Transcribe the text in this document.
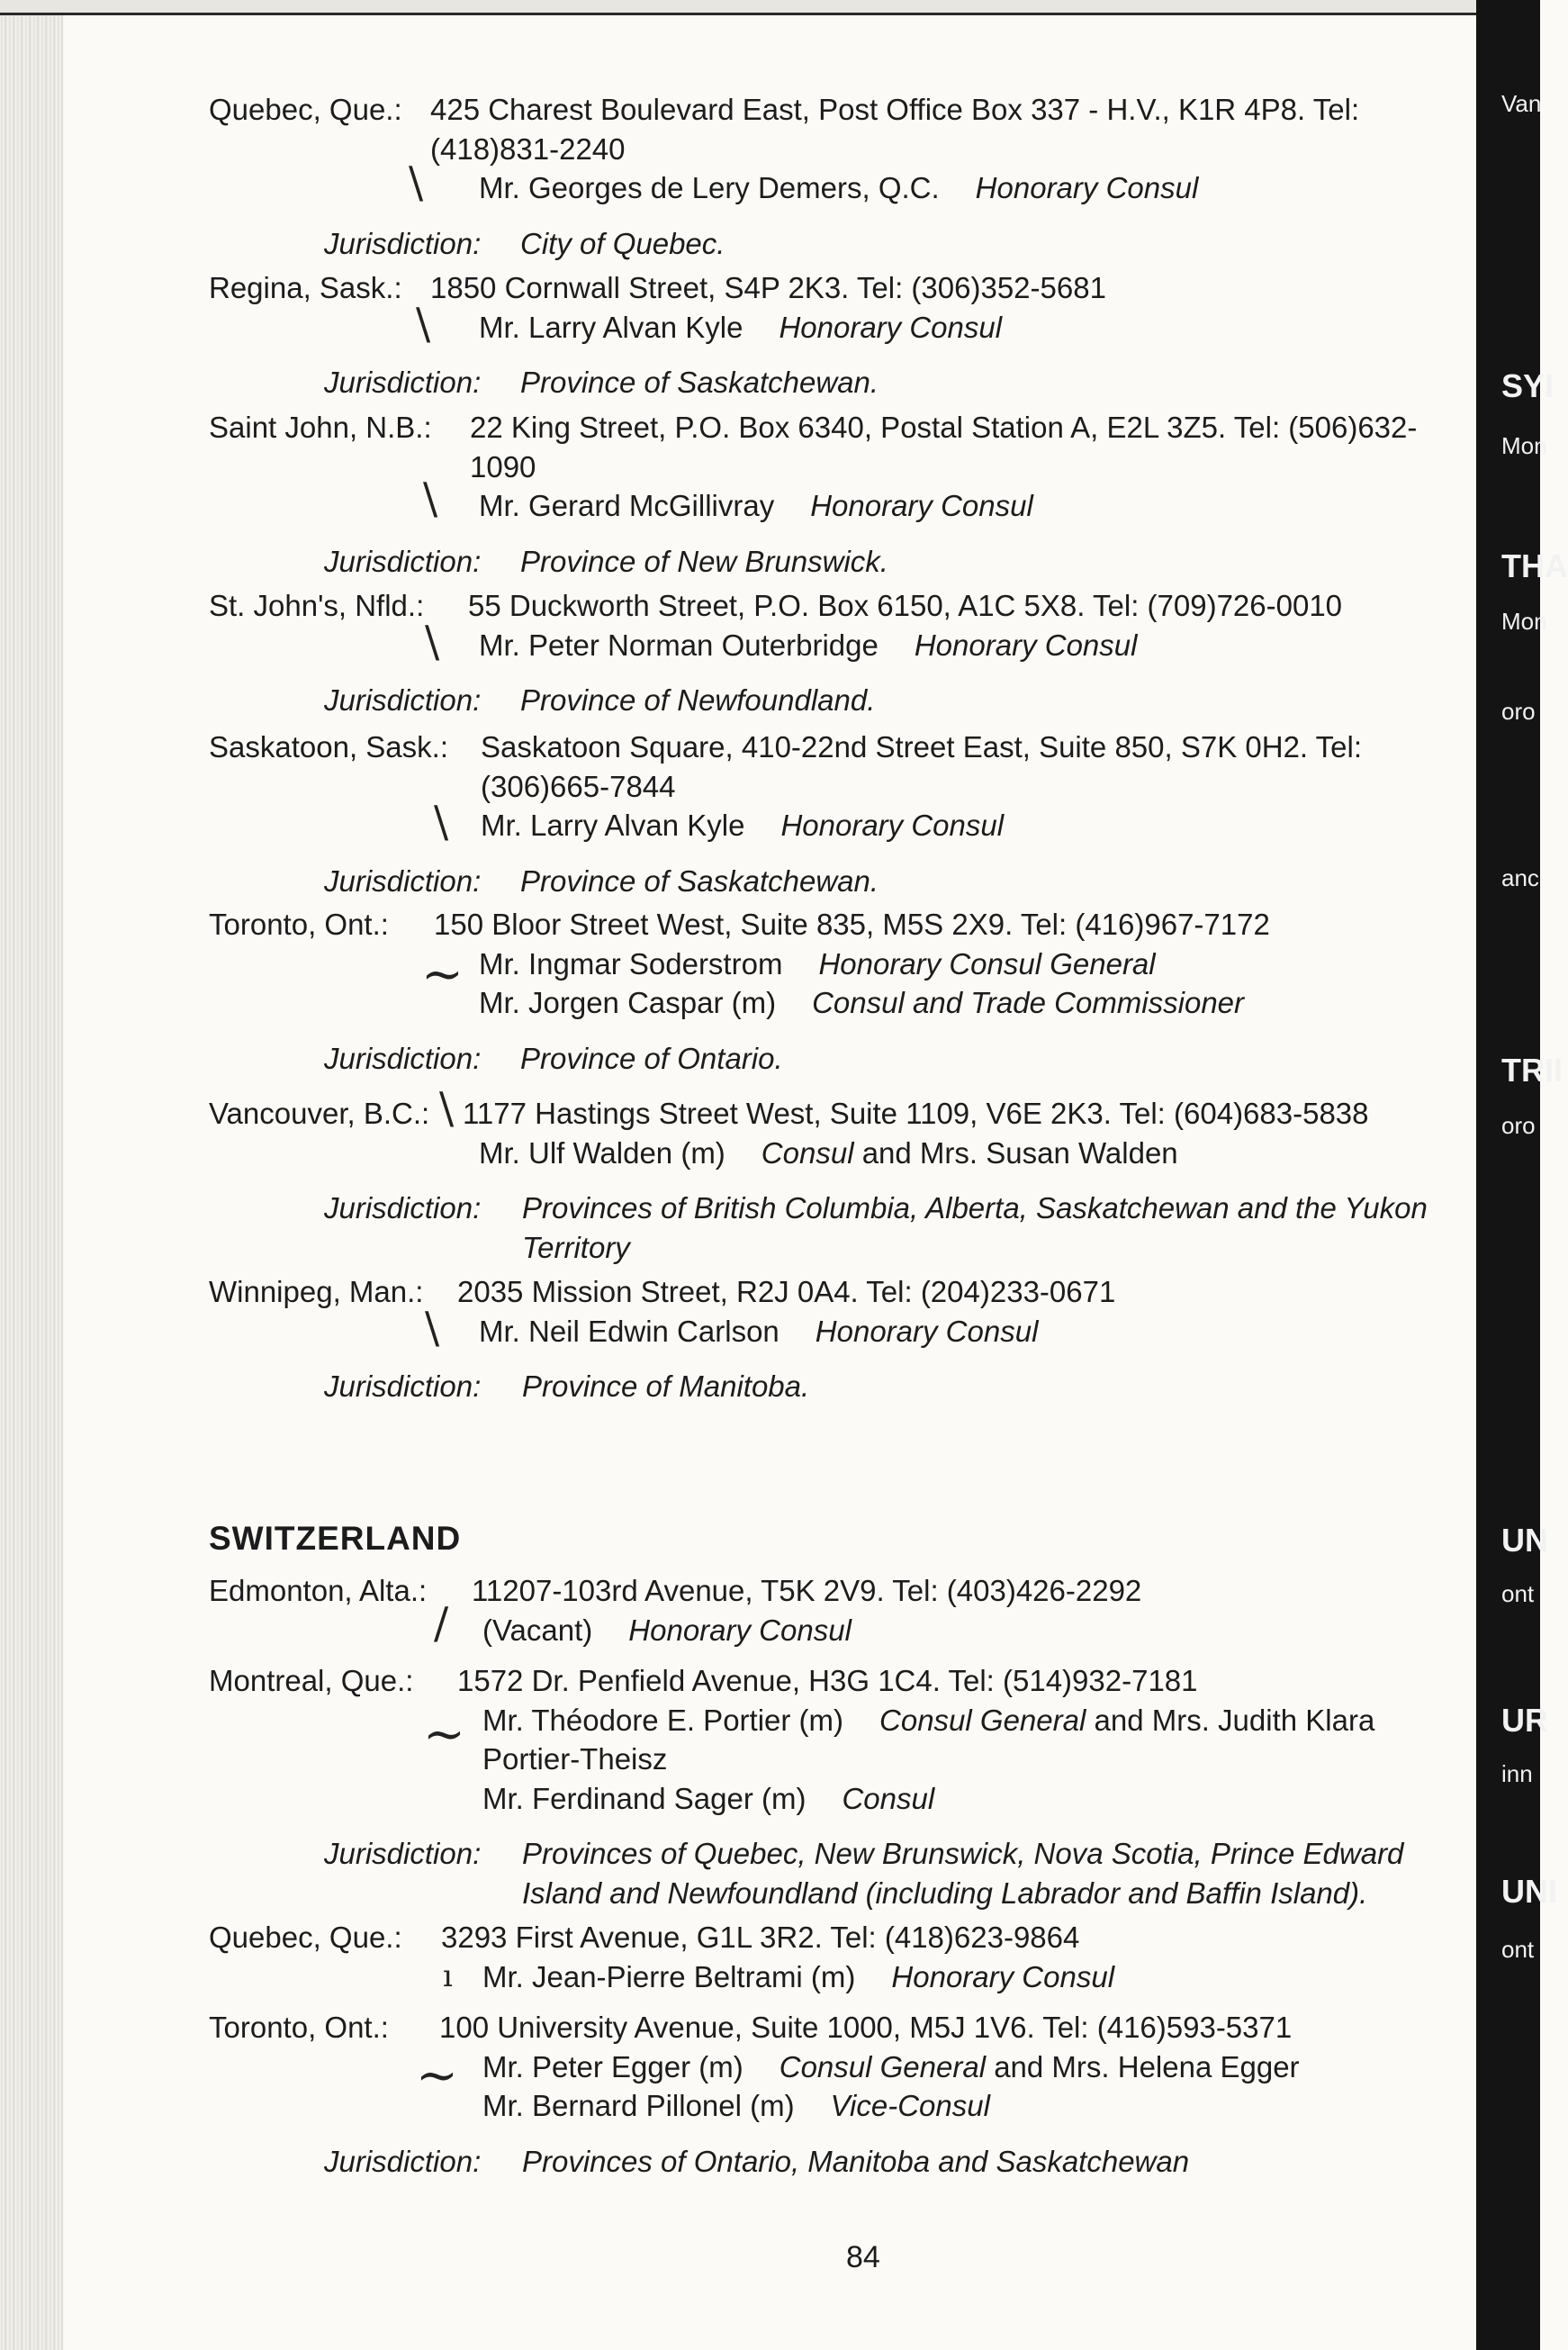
Van
SYI
Mon
THA
Mon
oro
anc
TRII
oro
UN
ont
UR
inn
UNI
ont
Quebec, Que.: 425 Charest Boulevard East, Post Office Box 337 - H.V., K1R 4P8. Tel: (418)831-2240
\ Mr. Georges de Lery Demers, Q.C. Honorary Consul
Jurisdiction: City of Quebec.
Regina, Sask.: 1850 Cornwall Street, S4P 2K3. Tel: (306)352-5681
\ Mr. Larry Alvan Kyle Honorary Consul
Jurisdiction: Province of Saskatchewan.
Saint John, N.B.: 22 King Street, P.O. Box 6340, Postal Station A, E2L 3Z5. Tel: (506)632-1090
\ Mr. Gerard McGillivray Honorary Consul
Jurisdiction: Province of New Brunswick.
St. John's, Nfld.: 55 Duckworth Street, P.O. Box 6150, A1C 5X8. Tel: (709)726-0010
\ Mr. Peter Norman Outerbridge Honorary Consul
Jurisdiction: Province of Newfoundland.
Saskatoon, Sask.: Saskatoon Square, 410-22nd Street East, Suite 850, S7K 0H2. Tel: (306)665-7844
\ Mr. Larry Alvan Kyle Honorary Consul
Jurisdiction: Province of Saskatchewan.
Toronto, Ont.: 150 Bloor Street West, Suite 835, M5S 2X9. Tel: (416)967-7172
~ Mr. Ingmar Soderstrom Honorary Consul General
Mr. Jorgen Caspar (m) Consul and Trade Commissioner
Jurisdiction: Province of Ontario.
Vancouver, B.C.: \ 1177 Hastings Street West, Suite 1109, V6E 2K3. Tel: (604)683-5838
Mr. Ulf Walden (m) Consul and Mrs. Susan Walden
Jurisdiction: Provinces of British Columbia, Alberta, Saskatchewan and the Yukon Territory
Winnipeg, Man.: 2035 Mission Street, R2J 0A4. Tel: (204)233-0671
\ Mr. Neil Edwin Carlson Honorary Consul
Jurisdiction: Province of Manitoba.
SWITZERLAND
Edmonton, Alta.: 11207-103rd Avenue, T5K 2V9. Tel: (403)426-2292
/ (Vacant) Honorary Consul
Montreal, Que.: 1572 Dr. Penfield Avenue, H3G 1C4. Tel: (514)932-7181
~ Mr. Théodore E. Portier (m) Consul General and Mrs. Judith Klara Portier-Theisz
Mr. Ferdinand Sager (m) Consul
Jurisdiction: Provinces of Quebec, New Brunswick, Nova Scotia, Prince Edward Island and Newfoundland (including Labrador and Baffin Island).
Quebec, Que.: 3293 First Avenue, G1L 3R2. Tel: (418)623-9864
ı Mr. Jean-Pierre Beltrami (m) Honorary Consul
Toronto, Ont.: 100 University Avenue, Suite 1000, M5J 1V6. Tel: (416)593-5371
~ Mr. Peter Egger (m) Consul General and Mrs. Helena Egger
Mr. Bernard Pillonel (m) Vice-Consul
Jurisdiction: Provinces of Ontario, Manitoba and Saskatchewan
84
